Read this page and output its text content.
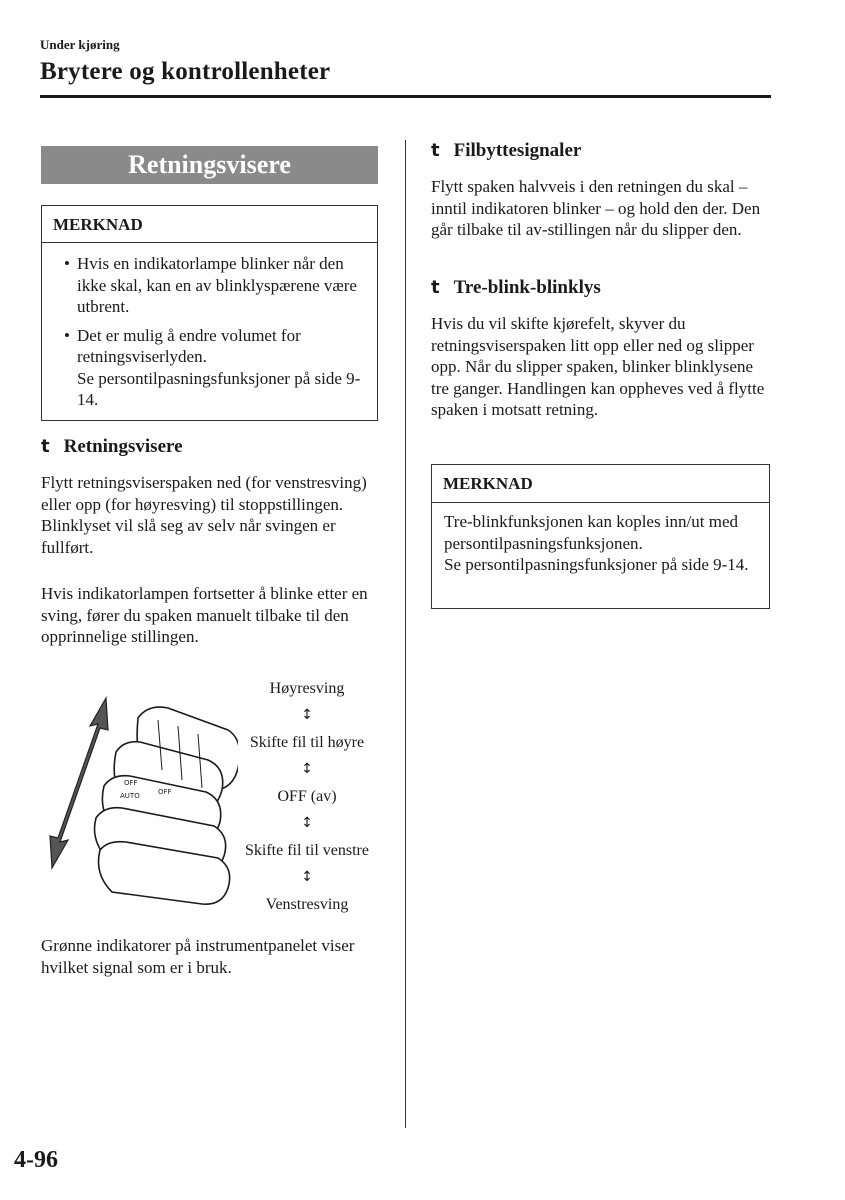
Under kjøring
Brytere og kontrollenheter
Retningsvisere
MERKNAD
• Hvis en indikatorlampe blinker når den ikke skal, kan en av blinklyspærene være utbrent.
• Det er mulig å endre volumet for retningsviserlyden.
Se persontilpasningsfunksjoner på side 9-14.
t Retningsvisere
Flytt retningsviserspaken ned (for venstresving) eller opp (for høyresving) til stoppstillingen. Blinklyset vil slå seg av selv når svingen er fullført.
Hvis indikatorlampen fortsetter å blinke etter en sving, fører du spaken manuelt tilbake til den opprinnelige stillingen.
OFF
AUTO	OFF
Høyresving
↕
Skifte fil til høyre
↕
OFF (av)
↕
Skifte fil til venstre
↕
Venstresving
Grønne indikatorer på instrumentpanelet viser hvilket signal som er i bruk.
t Filbyttesignaler
Flytt spaken halvveis i den retningen du skal – inntil indikatoren blinker – og hold den der. Den går tilbake til av-stillingen når du slipper den.
t Tre-blink-blinklys
Hvis du vil skifte kjørefelt, skyver du retningsviserspaken litt opp eller ned og slipper opp. Når du slipper spaken, blinker blinklysene tre ganger. Handlingen kan oppheves ved å flytte spaken i motsatt retning.
MERKNAD
Tre-blinkfunksjonen kan koples inn/ut med persontilpasningsfunksjonen.
Se persontilpasningsfunksjoner på side 9-14.
4-96
